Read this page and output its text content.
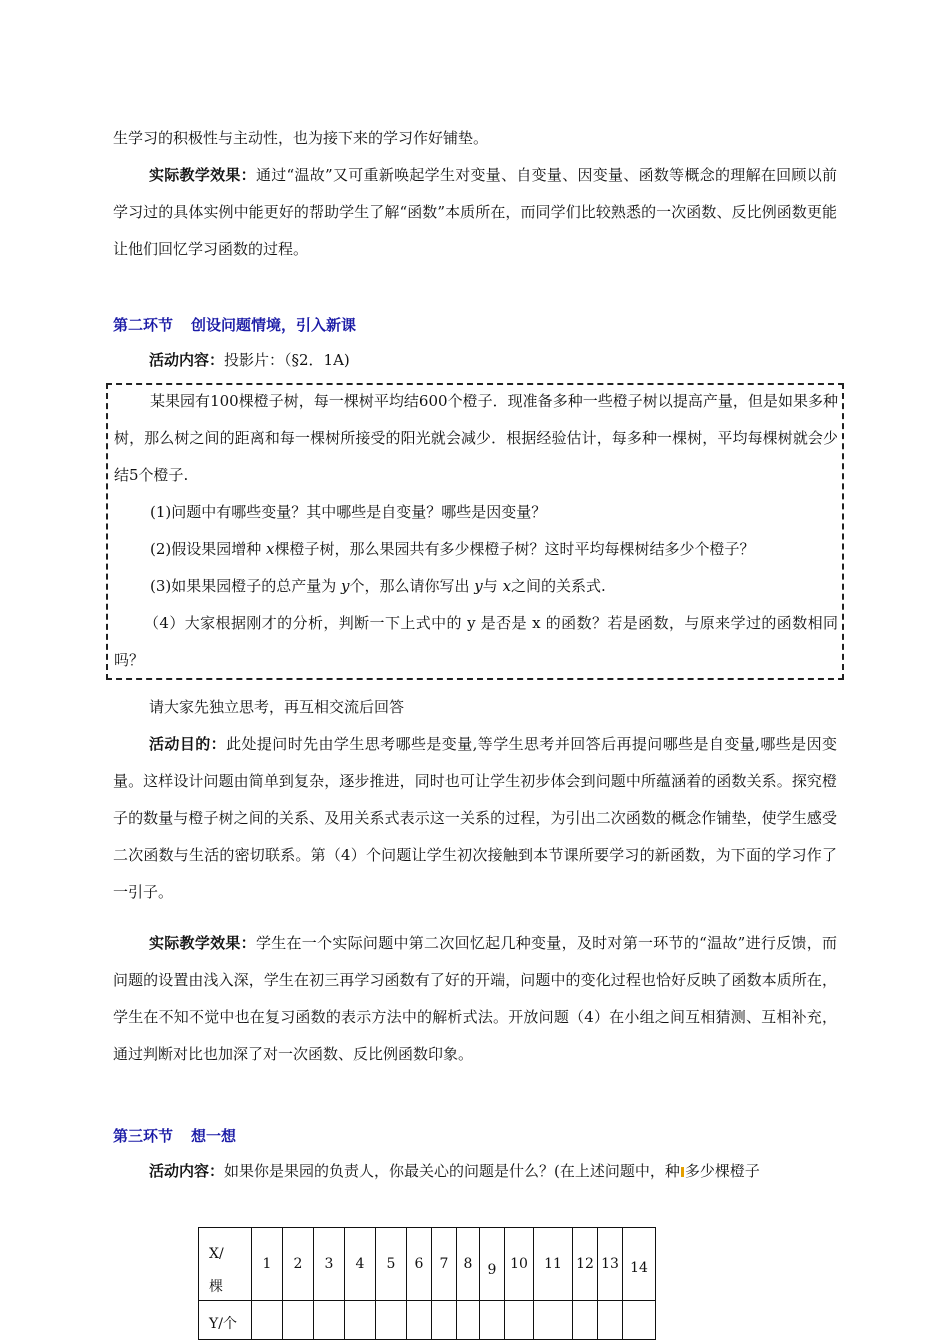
生学习的积极性与主动性，也为接下来的学习作好铺垫。

实际教学效果：通过“温故”又可重新唤起学生对变量、自变量、因变量、函数等概念的理解在回顾以前学习过的具体实例中能更好的帮助学生了解“函数”本质所在，而同学们比较熟悉的一次函数、反比例函数更能让他们回忆学习函数的过程。

第二环节 创设问题情境，引入新课

活动内容：投影片：（§2．1A)

某果园有100棵橙子树，每一棵树平均结600个橙子．现准备多种一些橙子树以提高产量，但是如果多种树，那么树之间的距离和每一棵树所接受的阳光就会减少．根据经验估计，每多种一棵树，平均每棵树就会少结5个橙子.

(1)问题中有哪些变量？其中哪些是自变量？哪些是因变量？

(2)假设果园增种 x棵橙子树，那么果园共有多少棵橙子树？这时平均每棵树结多少个橙子？

(3)如果果园橙子的总产量为 y个，那么请你写出 y与 x之间的关系式.

（4）大家根据刚才的分析，判断一下上式中的 y 是否是 x 的函数？若是函数，与原来学过的函数相同吗？

请大家先独立思考，再互相交流后回答

活动目的：此处提问时先由学生思考哪些是变量,等学生思考并回答后再提问哪些是自变量,哪些是因变量。这样设计问题由简单到复杂，逐步推进，同时也可让学生初步体会到问题中所蕴涵着的函数关系。探究橙子的数量与橙子树之间的关系、及用关系式表示这一关系的过程，为引出二次函数的概念作铺垫，使学生感受二次函数与生活的密切联系。第（4）个问题让学生初次接触到本节课所要学习的新函数，为下面的学习作了一引子。

实际教学效果：学生在一个实际问题中第二次回忆起几种变量，及时对第一环节的“温故”进行反馈，而问题的设置由浅入深，学生在初三再学习函数有了好的开端，问题中的变化过程也恰好反映了函数本质所在，学生在不知不觉中也在复习函数的表示方法中的解析式法。开放问题（4）在小组之间互相猜测、互相补充，通过判断对比也加深了对一次函数、反比例函数印象。

第三环节 想一想

活动内容：如果你是果园的负责人，你最关心的问题是什么？(在上述问题中，种 多少棵橙子

X/
棵	1	2	3	4	5	6	7	8	9	10	11	12	13	14

Y/个														
